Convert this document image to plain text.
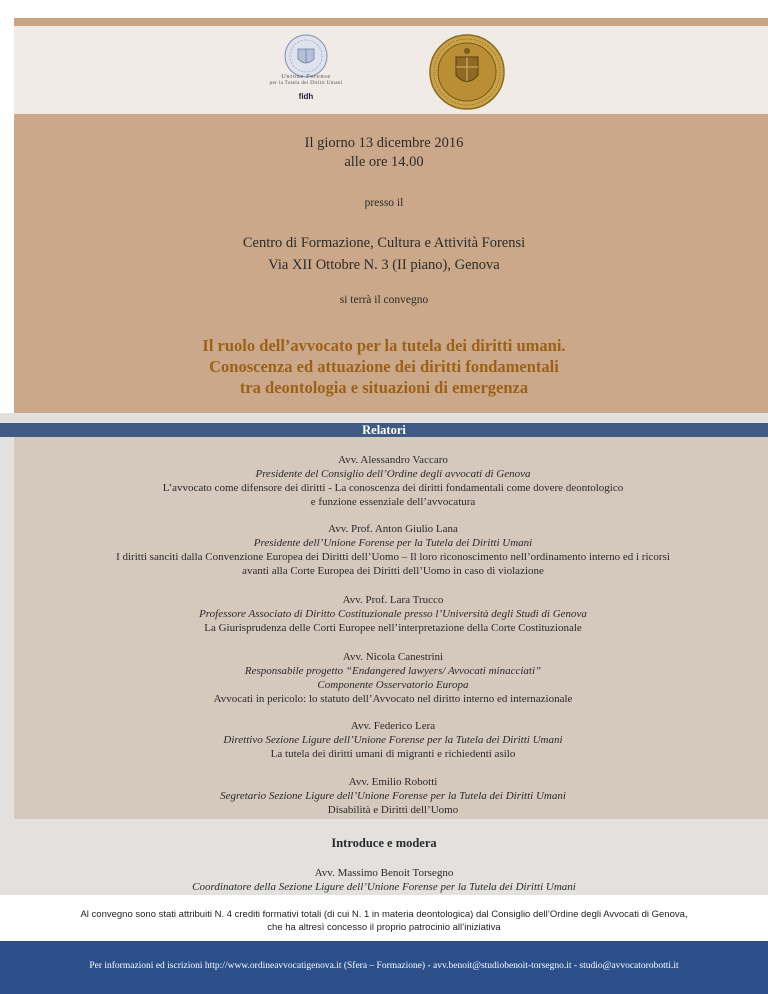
Unione Forense
per la Tutela dei Diritti Umani
fidh
Il giorno 13 dicembre 2016
alle ore 14.00
presso il
Centro di Formazione, Cultura e Attività Forensi
Via XII Ottobre N. 3 (II piano), Genova
si terrà il convegno
Il ruolo dell’avvocato per la tutela dei diritti umani.
Conoscenza ed attuazione dei diritti fondamentali
tra deontologia e situazioni di emergenza
Relatori
Avv. Alessandro Vaccaro
Presidente del Consiglio dell’Ordine degli avvocati di Genova
L’avvocato come difensore dei diritti - La conoscenza dei diritti fondamentali come dovere deontologico
e funzione essenziale dell’avvocatura
Avv. Prof. Anton Giulio Lana
Presidente dell’Unione Forense per la Tutela dei Diritti Umani
I diritti sanciti dalla Convenzione Europea dei Diritti dell’Uomo – Il loro riconoscimento nell’ordinamento interno ed i ricorsi
avanti alla Corte Europea dei Diritti dell’Uomo in caso di violazione
Avv. Prof. Lara Trucco
Professore Associato di Diritto Costituzionale presso l’Università degli Studi di Genova
La Giurisprudenza delle Corti Europee nell’interpretazione della Corte Costituzionale
Avv. Nicola Canestrini
Responsabile progetto “Endangered lawyers/ Avvocati minacciati”
Componente Osservatorio Europa
Avvocati in pericolo: lo statuto dell’Avvocato nel diritto interno ed internazionale
Avv. Federico Lera
Direttivo Sezione Ligure dell’Unione Forense per la Tutela dei Diritti Umani
La tutela dei diritti umani di migranti e richiedenti asilo
Avv. Emilio Robotti
Segretario Sezione Ligure dell’Unione Forense per la Tutela dei Diritti Umani
Disabilità e Diritti dell’Uomo
Introduce e modera
Avv. Massimo Benoit Torsegno
Coordinatore della Sezione Ligure dell’Unione Forense per la Tutela dei Diritti Umani
Al convegno sono stati attribuiti N. 4 crediti formativi totali (di cui N. 1 in materia deontologica) dal Consiglio dell’Ordine degli Avvocati di Genova,
che ha altresì concesso il proprio patrocinio all’iniziativa
Per informazioni ed iscrizioni http://www.ordineavvocatigenova.it (Sfera – Formazione) - avv.benoit@studiobenoit-torsegno.it - studio@avvocatorobotti.it
